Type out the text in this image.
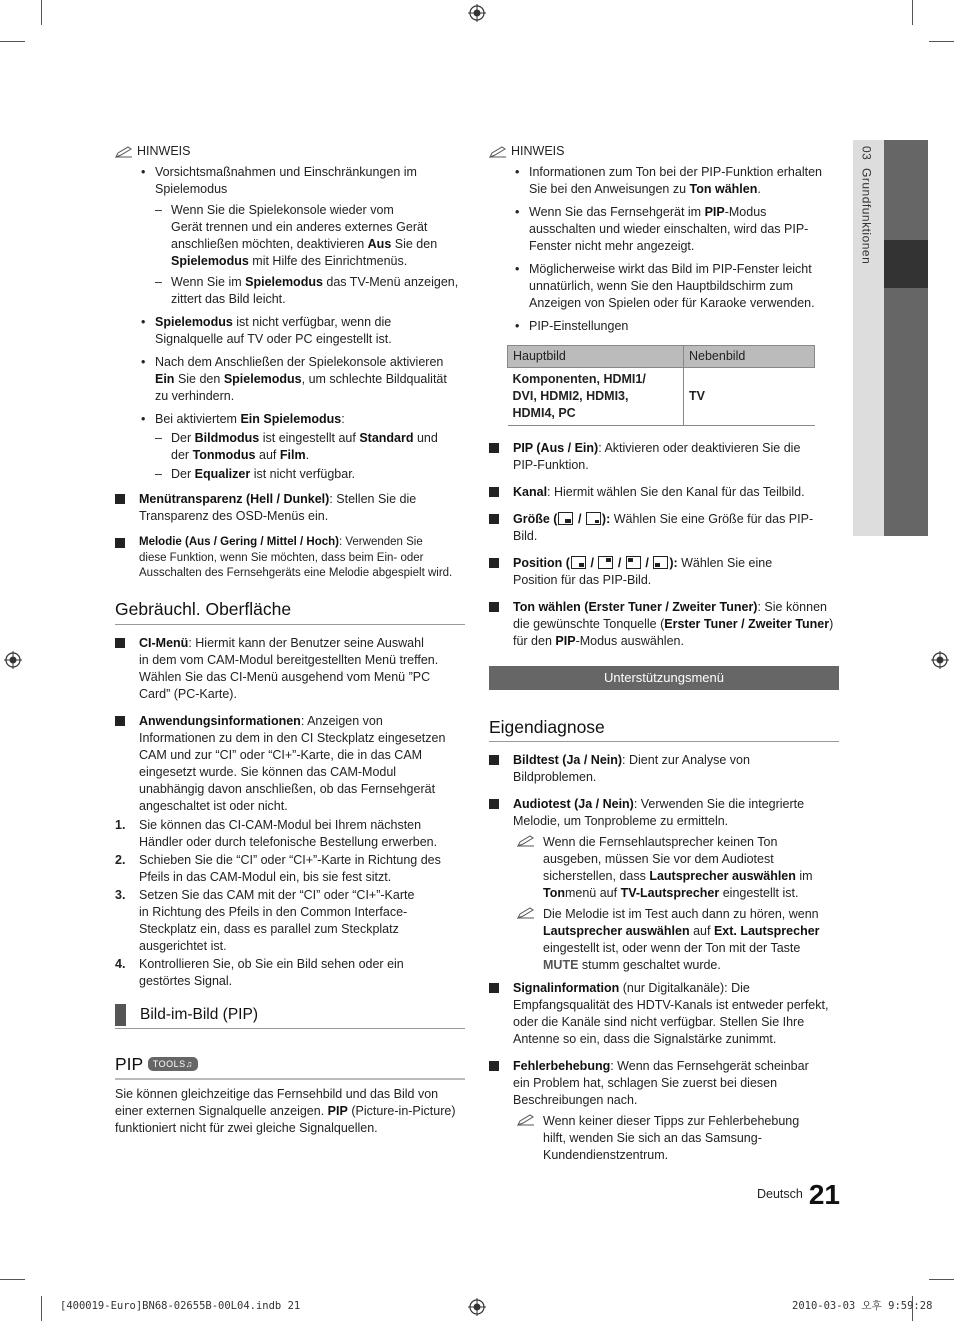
03  Grundfunktionen
HINWEIS
• Vorsichtsmaßnahmen und Einschränkungen im
Spielemodus
– Wenn Sie die Spielekonsole wieder vom
Gerät trennen und ein anderes externes Gerät
anschließen möchten, deaktivieren Aus Sie den
Spielemodus mit Hilfe des Einrichtmenüs.
– Wenn Sie im Spielemodus das TV-Menü anzeigen,
zittert das Bild leicht.
• Spielemodus ist nicht verfügbar, wenn die
Signalquelle auf TV oder PC eingestellt ist.
• Nach dem Anschließen der Spielekonsole aktivieren
Ein Sie den Spielemodus, um schlechte Bildqualität
zu verhindern.
• Bei aktiviertem Ein Spielemodus:
– Der Bildmodus ist eingestellt auf Standard und
der Tonmodus auf Film.
– Der Equalizer ist nicht verfügbar.
Menütransparenz (Hell / Dunkel): Stellen Sie die
Transparenz des OSD-Menüs ein.
Melodie (Aus / Gering / Mittel / Hoch): Verwenden Sie
diese Funktion, wenn Sie möchten, dass beim Ein- oder
Ausschalten des Fernsehgeräts eine Melodie abgespielt wird.
Gebräuchl. Oberfläche
CI-Menü: Hiermit kann der Benutzer seine Auswahl
in dem vom CAM-Modul bereitgestellten Menü treffen.
Wählen Sie das CI-Menü ausgehend vom Menü ”PC
Card” (PC-Karte).
Anwendungsinformationen: Anzeigen von
Informationen zu dem in den CI Steckplatz eingesetzen
CAM und zur “CI” oder “CI+”-Karte, die in das CAM
eingesetzt wurde. Sie können das CAM-Modul
unabhängig davon anschließen, ob das Fernsehgerät
angeschaltet ist oder nicht.
1. Sie können das CI-CAM-Modul bei Ihrem nächsten
Händler oder durch telefonische Bestellung erwerben.
2. Schieben Sie die “CI” oder “CI+”-Karte in Richtung des
Pfeils in das CAM-Modul ein, bis sie fest sitzt.
3. Setzen Sie das CAM mit der “CI” oder “CI+”-Karte
in Richtung des Pfeils in den Common Interface-
Steckplatz ein, dass es parallel zum Steckplatz
ausgerichtet ist.
4. Kontrollieren Sie, ob Sie ein Bild sehen oder ein
gestörtes Signal.
Bild-im-Bild (PIP)
PIP TOOLS♫
Sie können gleichzeitige das Fernsehbild und das Bild von
einer externen Signalquelle anzeigen. PIP (Picture-in-Picture)
funktioniert nicht für zwei gleiche Signalquellen.
HINWEIS
• Informationen zum Ton bei der PIP-Funktion erhalten
Sie bei den Anweisungen zu Ton wählen.
• Wenn Sie das Fernsehgerät im PIP-Modus
ausschalten und wieder einschalten, wird das PIP-
Fenster nicht mehr angezeigt.
• Möglicherweise wirkt das Bild im PIP-Fenster leicht
unnatürlich, wenn Sie den Hauptbildschirm zum
Anzeigen von Spielen oder für Karaoke verwenden.
• PIP-Einstellungen
Hauptbild	Nebenbild
Komponenten, HDMI1/
DVI, HDMI2, HDMI3,
HDMI4, PC	TV
PIP (Aus / Ein): Aktivieren oder deaktivieren Sie die
PIP-Funktion.
Kanal: Hiermit wählen Sie den Kanal für das Teilbild.
Größe ( / ): Wählen Sie eine Größe für das PIP-
Bild.
Position ( / / / ): Wählen Sie eine
Position für das PIP-Bild.
Ton wählen (Erster Tuner / Zweiter Tuner): Sie können
die gewünschte Tonquelle (Erster Tuner / Zweiter Tuner)
für den PIP-Modus auswählen.
Unterstützungsmenü
Eigendiagnose
Bildtest (Ja / Nein): Dient zur Analyse von
Bildproblemen.
Audiotest (Ja / Nein): Verwenden Sie die integrierte
Melodie, um Tonprobleme zu ermitteln.
Wenn die Fernsehlautsprecher keinen Ton
ausgeben, müssen Sie vor dem Audiotest
sicherstellen, dass Lautsprecher auswählen im
Tonmenü auf TV-Lautsprecher eingestellt ist.
Die Melodie ist im Test auch dann zu hören, wenn
Lautsprecher auswählen auf Ext. Lautsprecher
eingestellt ist, oder wenn der Ton mit der Taste
MUTE stumm geschaltet wurde.
Signalinformation (nur Digitalkanäle): Die
Empfangsqualität des HDTV-Kanals ist entweder perfekt,
oder die Kanäle sind nicht verfügbar. Stellen Sie Ihre
Antenne so ein, dass die Signalstärke zunimmt.
Fehlerbehebung: Wenn das Fernsehgerät scheinbar
ein Problem hat, schlagen Sie zuerst bei diesen
Beschreibungen nach.
Wenn keiner dieser Tipps zur Fehlerbehebung
hilft, wenden Sie sich an das Samsung-
Kundendienstzentrum.
Deutsch 21
[400019-Euro]BN68-02655B-00L04.indb 21	2010-03-03 오후 9:59:28
